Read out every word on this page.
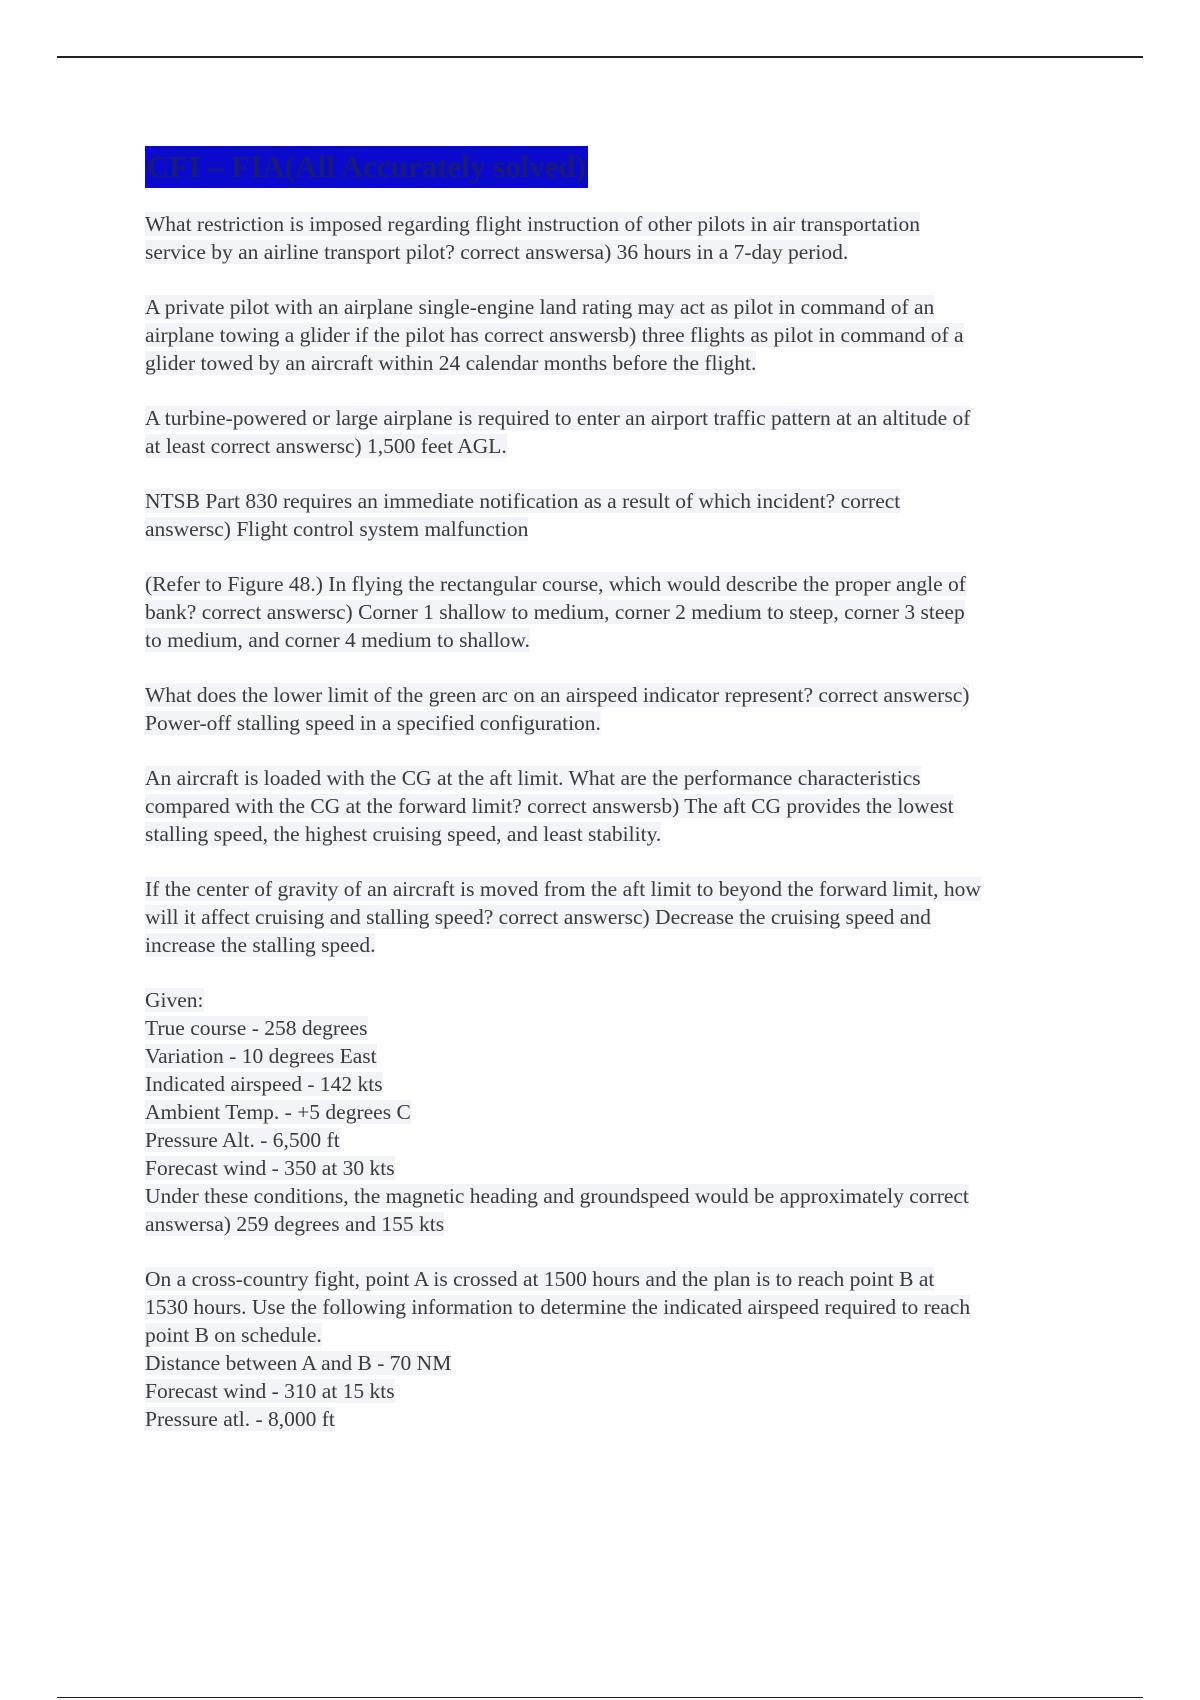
CFI – FIA(All Accurately solved)
What restriction is imposed regarding flight instruction of other pilots in air transportation
service by an airline transport pilot? correct answersa) 36 hours in a 7-day period.
A private pilot with an airplane single-engine land rating may act as pilot in command of an
airplane towing a glider if the pilot has correct answersb) three flights as pilot in command of a
glider towed by an aircraft within 24 calendar months before the flight.
A turbine-powered or large airplane is required to enter an airport traffic pattern at an altitude of
at least correct answersc) 1,500 feet AGL.
NTSB Part 830 requires an immediate notification as a result of which incident? correct
answersc) Flight control system malfunction
(Refer to Figure 48.) In flying the rectangular course, which would describe the proper angle of
bank? correct answersc) Corner 1 shallow to medium, corner 2 medium to steep, corner 3 steep
to medium, and corner 4 medium to shallow.
What does the lower limit of the green arc on an airspeed indicator represent? correct answersc)
Power-off stalling speed in a specified configuration.
An aircraft is loaded with the CG at the aft limit. What are the performance characteristics
compared with the CG at the forward limit? correct answersb) The aft CG provides the lowest
stalling speed, the highest cruising speed, and least stability.
If the center of gravity of an aircraft is moved from the aft limit to beyond the forward limit, how
will it affect cruising and stalling speed? correct answersc) Decrease the cruising speed and
increase the stalling speed.
Given:
True course - 258 degrees
Variation - 10 degrees East
Indicated airspeed - 142 kts
Ambient Temp. - +5 degrees C
Pressure Alt. - 6,500 ft
Forecast wind - 350 at 30 kts
Under these conditions, the magnetic heading and groundspeed would be approximately correct
answersa) 259 degrees and 155 kts
On a cross-country fight, point A is crossed at 1500 hours and the plan is to reach point B at
1530 hours. Use the following information to determine the indicated airspeed required to reach
point B on schedule.
Distance between A and B - 70 NM
Forecast wind - 310 at 15 kts
Pressure atl. - 8,000 ft
